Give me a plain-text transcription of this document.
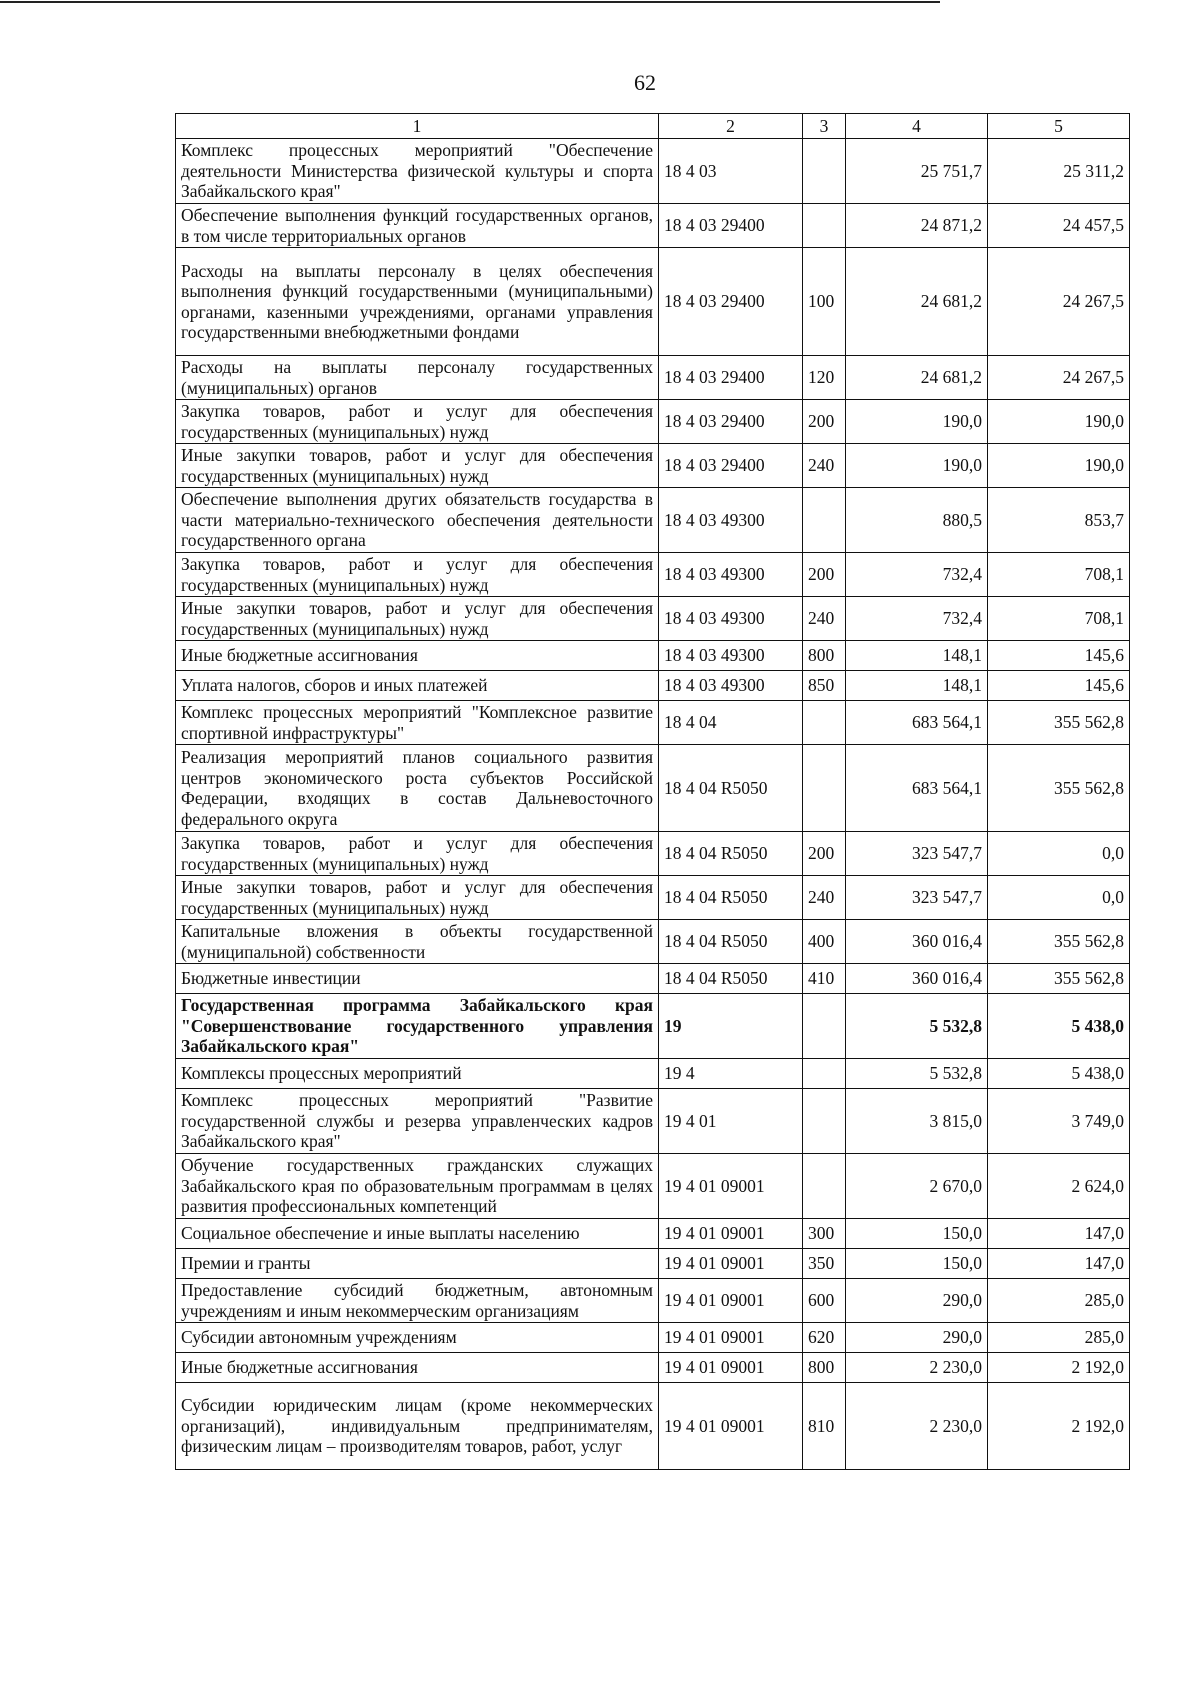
62
1	2	3	4	5
Комплекс процессных мероприятий "Обеспечение деятельности Министерства физической культуры и спорта Забайкальского края"	18 4 03		25 751,7	25 311,2
Обеспечение выполнения функций государственных органов, в том числе территориальных органов	18 4 03 29400		24 871,2	24 457,5
Расходы на выплаты персоналу в целях обеспечения выполнения функций государственными (муниципальными) органами, казенными учреждениями, органами управления государственными внебюджетными фондами	18 4 03 29400	100	24 681,2	24 267,5
Расходы на выплаты персоналу государственных (муниципальных) органов	18 4 03 29400	120	24 681,2	24 267,5
Закупка товаров, работ и услуг для обеспечения государственных (муниципальных) нужд	18 4 03 29400	200	190,0	190,0
Иные закупки товаров, работ и услуг для обеспечения государственных (муниципальных) нужд	18 4 03 29400	240	190,0	190,0
Обеспечение выполнения других обязательств государства в части материально-технического обеспечения деятельности государственного органа	18 4 03 49300		880,5	853,7
Закупка товаров, работ и услуг для обеспечения государственных (муниципальных) нужд	18 4 03 49300	200	732,4	708,1
Иные закупки товаров, работ и услуг для обеспечения государственных (муниципальных) нужд	18 4 03 49300	240	732,4	708,1
Иные бюджетные ассигнования	18 4 03 49300	800	148,1	145,6
Уплата налогов, сборов и иных платежей	18 4 03 49300	850	148,1	145,6
Комплекс процессных мероприятий "Комплексное развитие спортивной инфраструктуры"	18 4 04		683 564,1	355 562,8
Реализация мероприятий планов социального развития центров экономического роста субъектов Российской Федерации, входящих в состав Дальневосточного федерального округа	18 4 04 R5050		683 564,1	355 562,8
Закупка товаров, работ и услуг для обеспечения государственных (муниципальных) нужд	18 4 04 R5050	200	323 547,7	0,0
Иные закупки товаров, работ и услуг для обеспечения государственных (муниципальных) нужд	18 4 04 R5050	240	323 547,7	0,0
Капитальные вложения в объекты государственной (муниципальной) собственности	18 4 04 R5050	400	360 016,4	355 562,8
Бюджетные инвестиции	18 4 04 R5050	410	360 016,4	355 562,8
Государственная программа Забайкальского края "Совершенствование государственного управления Забайкальского края"	19		5 532,8	5 438,0
Комплексы процессных мероприятий	19 4		5 532,8	5 438,0
Комплекс процессных мероприятий "Развитие государственной службы и резерва управленческих кадров Забайкальского края"	19 4 01		3 815,0	3 749,0
Обучение государственных гражданских служащих Забайкальского края по образовательным программам в целях развития профессиональных компетенций	19 4 01 09001		2 670,0	2 624,0
Социальное обеспечение и иные выплаты населению	19 4 01 09001	300	150,0	147,0
Премии и гранты	19 4 01 09001	350	150,0	147,0
Предоставление субсидий бюджетным, автономным учреждениям и иным некоммерческим организациям	19 4 01 09001	600	290,0	285,0
Субсидии автономным учреждениям	19 4 01 09001	620	290,0	285,0
Иные бюджетные ассигнования	19 4 01 09001	800	2 230,0	2 192,0
Субсидии юридическим лицам (кроме некоммерческих организаций), индивидуальным предпринимателям, физическим лицам – производителям товаров, работ, услуг	19 4 01 09001	810	2 230,0	2 192,0
